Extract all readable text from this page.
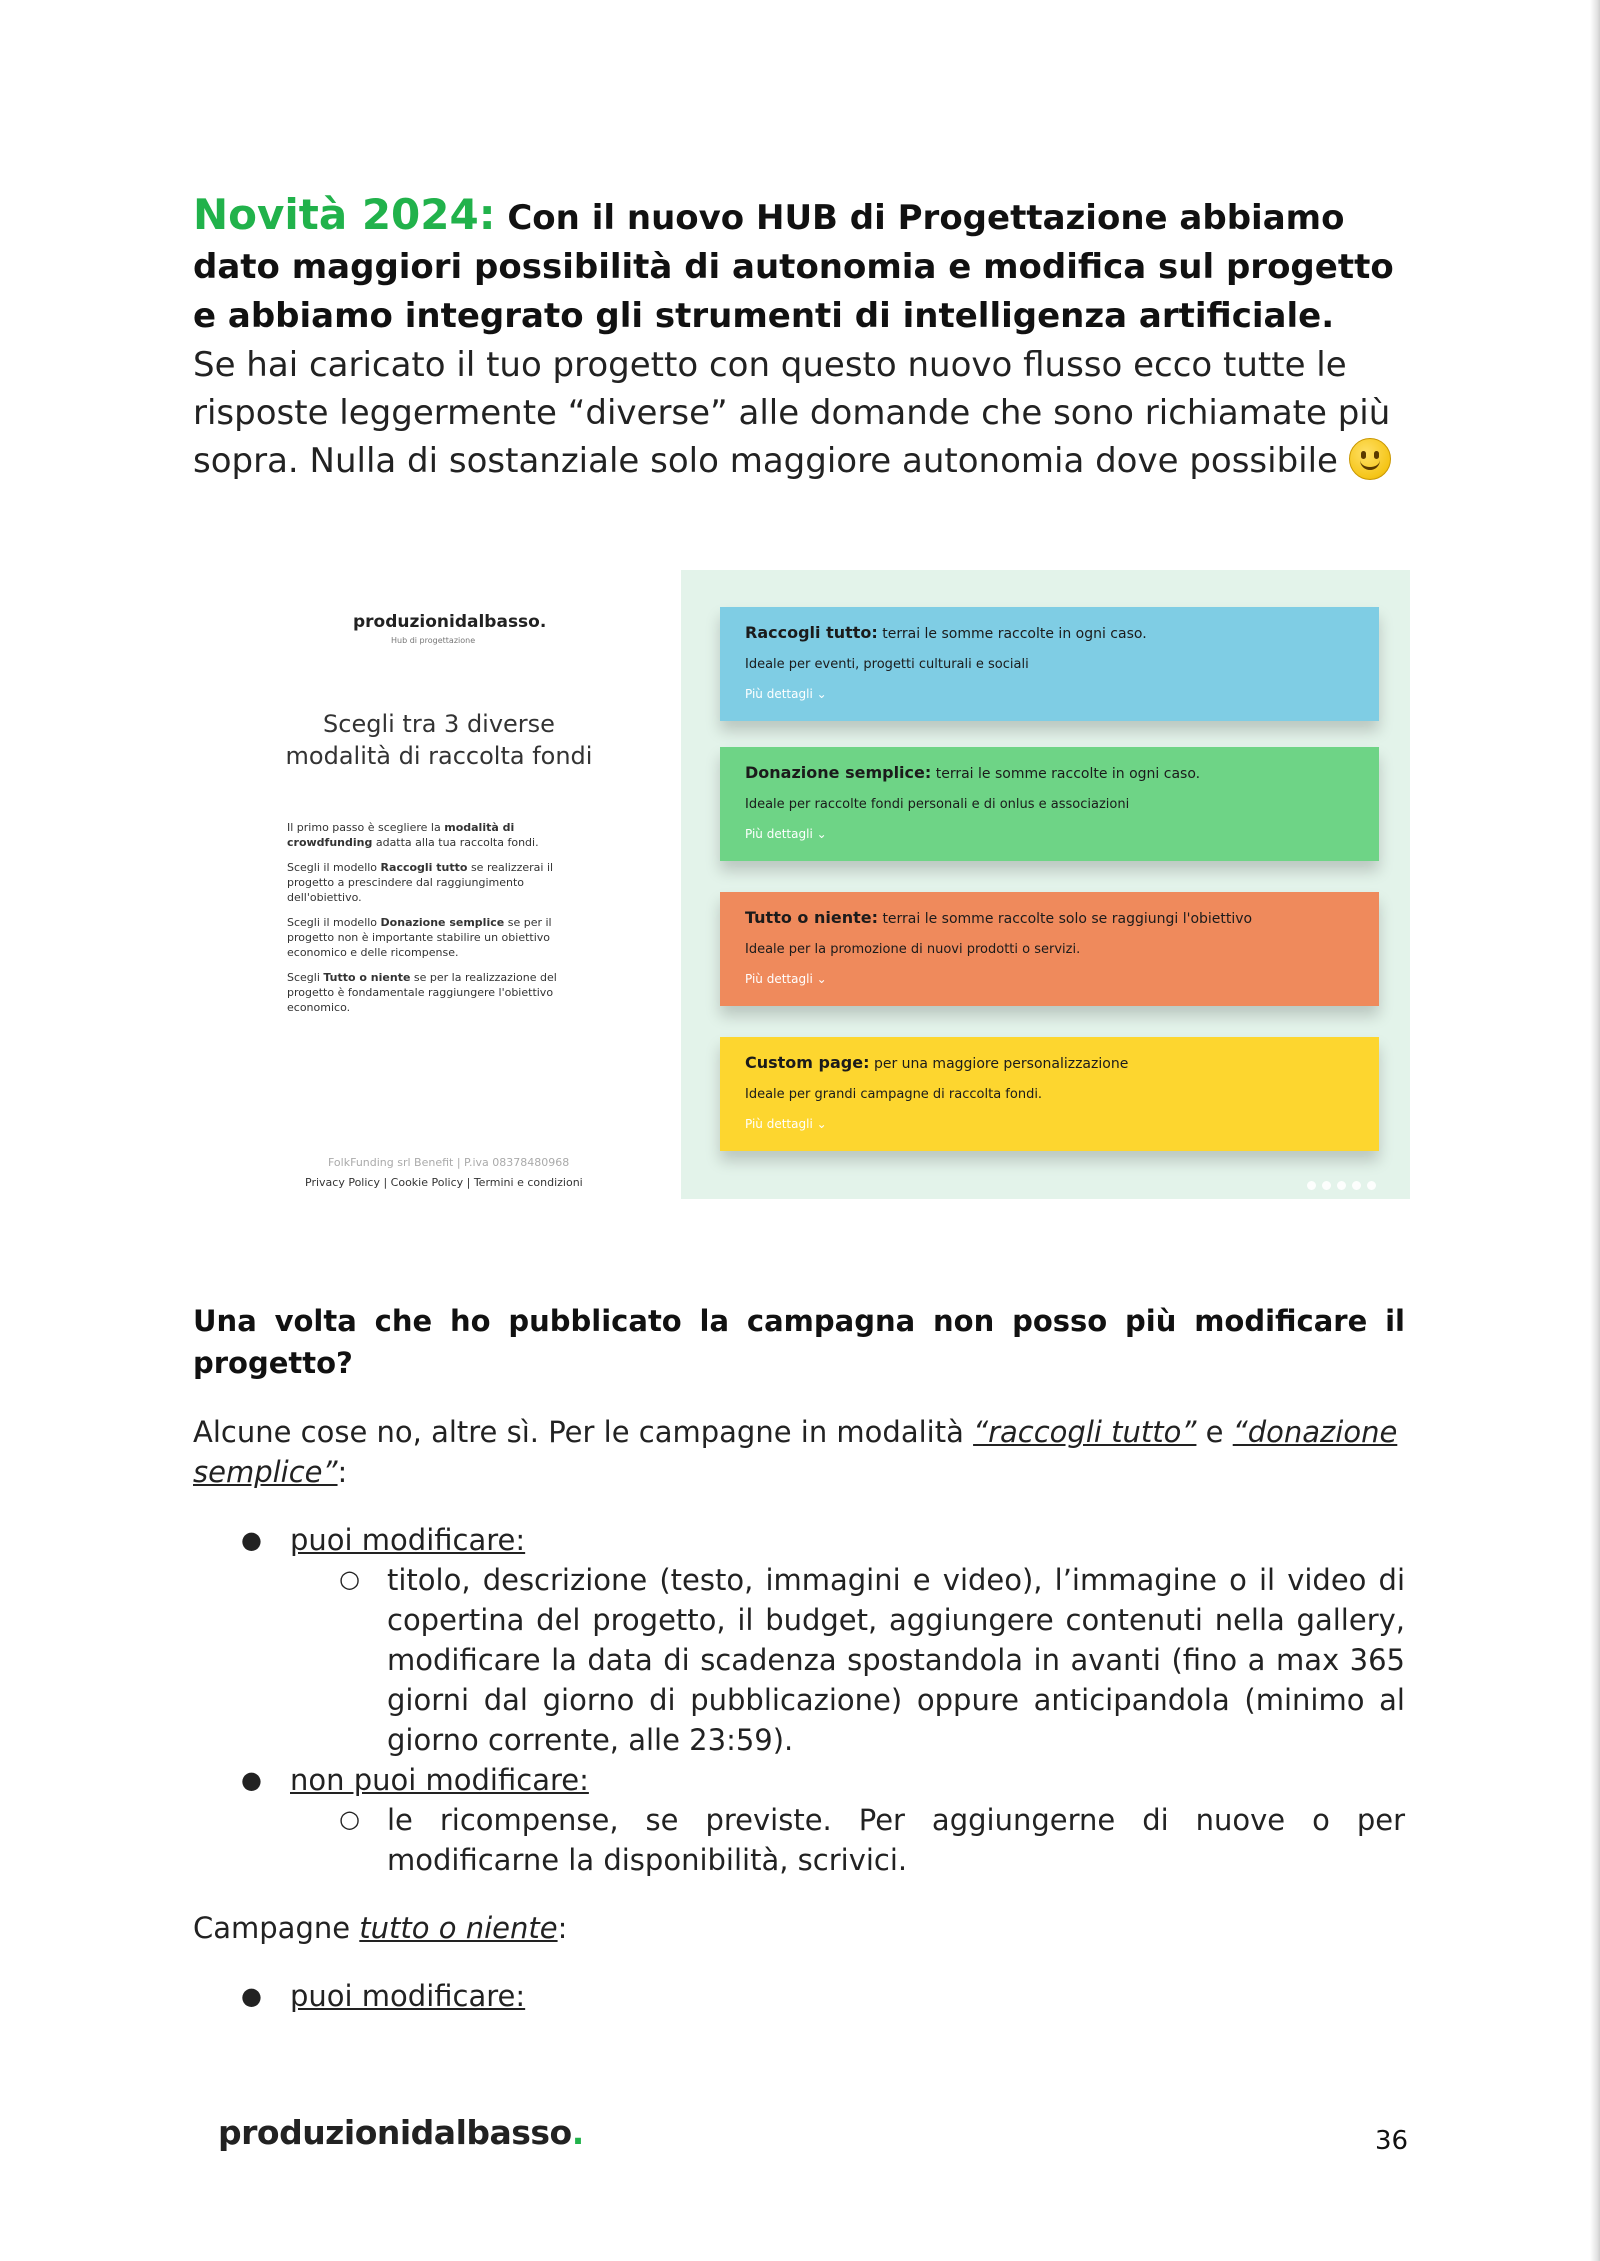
Novità 2024: Con il nuovo HUB di Progettazione abbiamo dato maggiori possibilità di autonomia e modifica sul progetto e abbiamo integrato gli strumenti di intelligenza artificiale.

Se hai caricato il tuo progetto con questo nuovo flusso ecco tutte le risposte leggermente “diverse” alle domande che sono richiamate più sopra. Nulla di sostanziale solo maggiore autonomia dove possibile

produzionidalbasso.
Hub di progettazione
Scegli tra 3 diverse modalità di raccolta fondi

Il primo passo è scegliere la modalità di crowdfunding adatta alla tua raccolta fondi.

Scegli il modello Raccogli tutto se realizzerai il progetto a prescindere dal raggiungimento dell'obiettivo.

Scegli il modello Donazione semplice se per il progetto non è importante stabilire un obiettivo economico e delle ricompense.

Scegli Tutto o niente se per la realizzazione del progetto è fondamentale raggiungere l'obiettivo economico.

FolkFunding srl Benefit | P.iva 08378480968
Privacy Policy | Cookie Policy | Termini e condizioni
Raccogli tutto: terrai le somme raccolte in ogni caso.
Ideale per eventi, progetti culturali e sociali
Più dettagli ⌄
Donazione semplice: terrai le somme raccolte in ogni caso.
Ideale per raccolte fondi personali e di onlus e associazioni
Più dettagli ⌄
Tutto o niente: terrai le somme raccolte solo se raggiungi l'obiettivo
Ideale per la promozione di nuovi prodotti o servizi.
Più dettagli ⌄
Custom page: per una maggiore personalizzazione
Ideale per grandi campagne di raccolta fondi.
Più dettagli ⌄

Una volta che ho pubblicato la campagna non posso più modificare il progetto?

Alcune cose no, altre sì. Per le campagne in modalità “raccogli tutto” e “donazione semplice”:

● puoi modificare:
○ titolo, descrizione (testo, immagini e video), l’immagine o il video di copertina del progetto, il budget, aggiungere contenuti nella gallery, modificare la data di scadenza spostandola in avanti (fino a max 365 giorni dal giorno di pubblicazione) oppure anticipandola (minimo al giorno corrente, alle 23:59).
● non puoi modificare:
○ le ricompense, se previste. Per aggiungerne di nuove o per modificarne la disponibilità, scrivici.

Campagne tutto o niente:

● puoi modificare:
produzionidalbasso.	36
